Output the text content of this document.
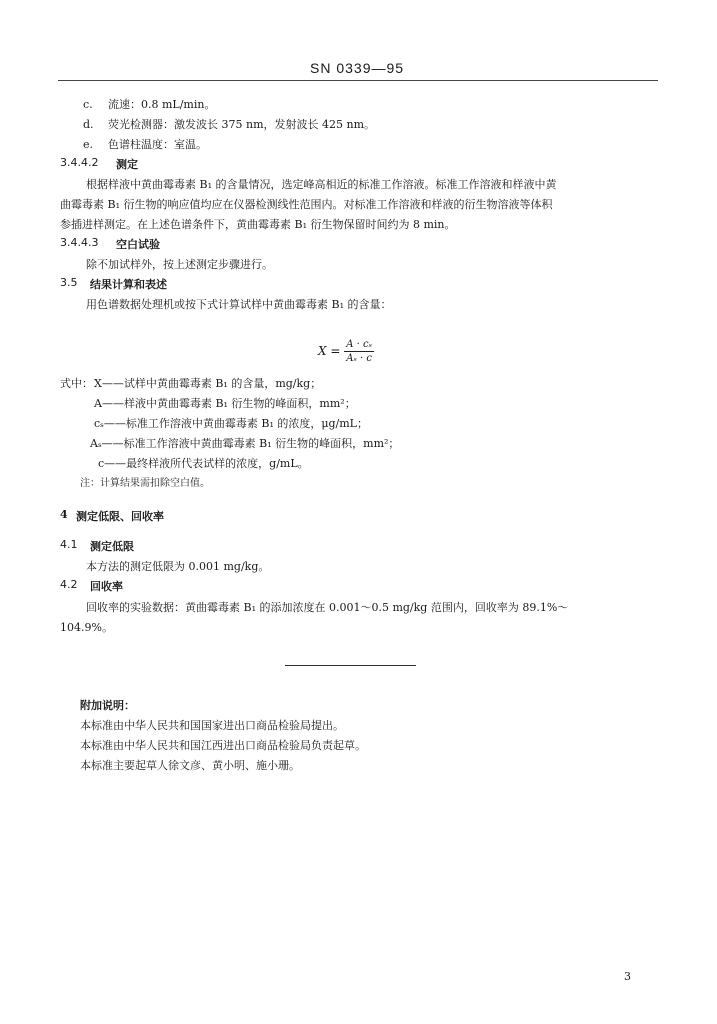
SN 0339—95
c. 流速：0.8 mL/min。
d. 荧光检测器：激发波长 375 nm，发射波长 425 nm。
e. 色谱柱温度：室温。
3.4.4.2 测定
根据样液中黄曲霉毒素 B₁ 的含量情况，选定峰高相近的标准工作溶液。标准工作溶液和样液中黄
曲霉毒素 B₁ 衍生物的响应值均应在仪器检测线性范围内。对标准工作溶液和样液的衍生物溶液等体积
参插进样测定。在上述色谱条件下，黄曲霉毒素 B₁ 衍生物保留时间约为 8 min。
3.4.4.3 空白试验
除不加试样外，按上述测定步骤进行。
3.5 结果计算和表述
用色谱数据处理机或按下式计算试样中黄曲霉毒素 B₁ 的含量：
$X = \frac{\text{A · cₛ}}{\text{Aₛ · c}}$
式中： X——试样中黄曲霉毒素 B₁ 的含量，mg/kg；
A——样液中黄曲霉毒素 B₁ 衍生物的峰面积，mm²；
cₛ——标准工作溶液中黄曲霉毒素 B₁ 的浓度，μg/mL；
Aₛ——标准工作溶液中黄曲霉毒素 B₁ 衍生物的峰面积，mm²；
c——最终样液所代表试样的浓度，g/mL。
注：计算结果需扣除空白值。
4 测定低限、回收率
4.1 测定低限
本方法的测定低限为 0.001 mg/kg。
4.2 回收率
回收率的实验数据：黄曲霉毒素 B₁ 的添加浓度在 0.001～0.5 mg/kg 范围内，回收率为 89.1%～
104.9%。
附加说明：
本标准由中华人民共和国国家进出口商品检验局提出。
本标准由中华人民共和国江西进出口商品检验局负责起草。
本标准主要起草人徐文彦、黄小明、施小珊。
3
